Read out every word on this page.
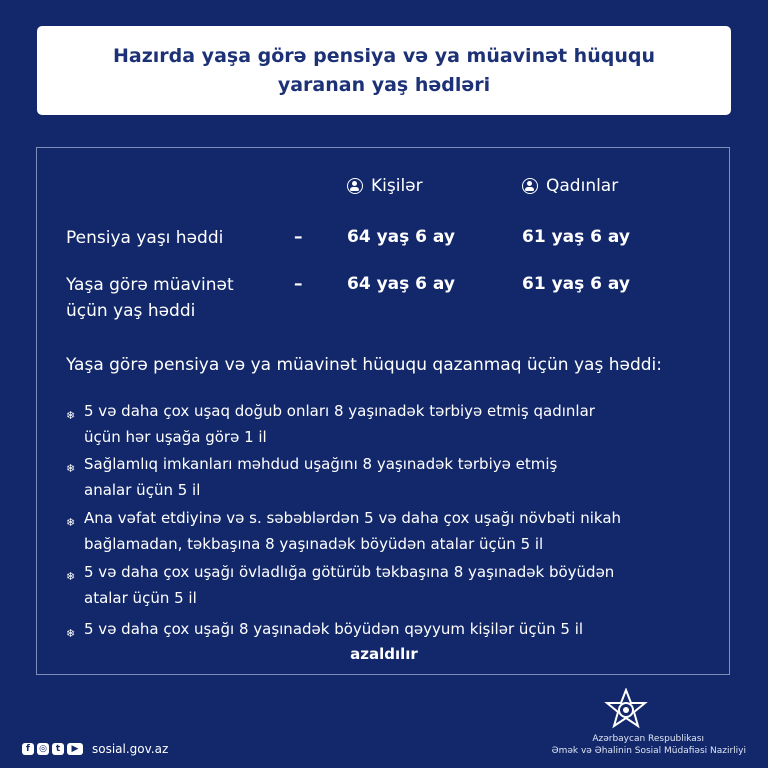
Hazırda yaşa görə pensiya və ya müavinət hüququ yaranan yaş hədləri
Kişilər	Qadınlar
Pensiya yaşı həddi	–	64 yaş 6 ay	61 yaş 6 ay
Yaşa görə müavinət
üçün yaş həddi
–	64 yaş 6 ay	61 yaş 6 ay
Yaşa görə pensiya və ya müavinət hüququ qazanmaq üçün yaş həddi:
❄ 5 və daha çox uşaq doğub onları 8 yaşınadək tərbiyə etmiş qadınlar
üçün hər uşağa görə 1 il
❄ Sağlamlıq imkanları məhdud uşağını 8 yaşınadək tərbiyə etmiş
analar üçün 5 il
❄ Ana vəfat etdiyinə və s. səbəblərdən 5 və daha çox uşağı növbəti nikah
bağlamadan, təkbaşına 8 yaşınadək böyüdən atalar üçün 5 il
❄ 5 və daha çox uşağı övladlığa götürüb təkbaşına 8 yaşınadək böyüdən
atalar üçün 5 il
❄ 5 və daha çox uşağı 8 yaşınadək böyüdən qəyyum kişilər üçün 5 il
azaldılır
f	◎ t	▶	sosial.gov.az
Azərbaycan Respublikası
Əmək və Əhalinin Sosial Müdafiəsi Nazirliyi
